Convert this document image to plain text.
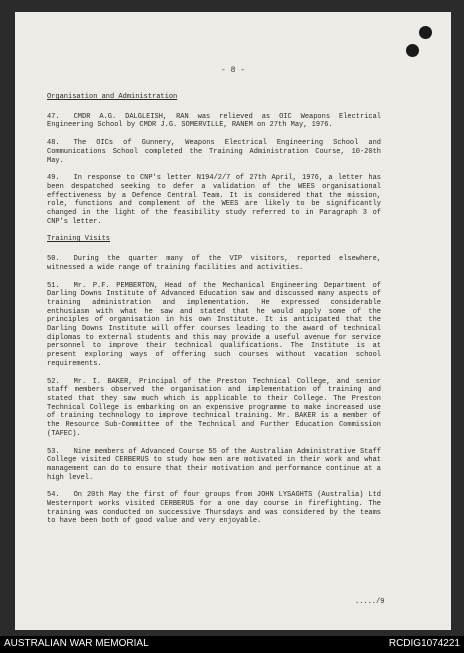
- 8 -
Organisation and Administration
47. CMDR A.G. DALGLEISH, RAN was relieved as OIC Weapons Electrical Engineering School by CMDR J.G. SOMERVILLE, RANEM on 27th May, 1976.
48. The OICs of Gunnery, Weapons Electrical Engineering School and Communications School completed the Training Administration Course, 10-20th May.
49. In response to CNP's letter N194/2/7 of 27th April, 1976, a letter has been despatched seeking to defer a validation of the WEES organisational effectiveness by a Defence Central Team. It is considered that the mission, role, functions and complement of the WEES are likely to be significantly changed in the light of the feasibility study referred to in Paragraph 3 of CNP's letter.
Training Visits
50. During the quarter many of the VIP visitors, reported elsewhere, witnessed a wide range of training facilities and activities.
51. Mr. P.F. PEMBERTON, Head of the Mechanical Engineering Department of Darling Downs Institute of Advanced Education saw and discussed many aspects of training administration and implementation. He expressed considerable enthusiasm with what he saw and stated that he would apply some of the principles of organisation in his own Institute. It is anticipated that the Darling Downs Institute will offer courses leading to the award of technical diplomas to external students and this may provide a useful avenue for service personnel to improve their technical qualifications. The Institute is at present exploring ways of offering such courses without vacation school requirements.
52. Mr. I. BAKER, Principal of the Preston Technical College, and senior staff members observed the organisation and implementation of training and stated that they saw much which is applicable to their College. The Preston Technical College is embarking on an expensive programme to make increased use of training technology to improve technical training. Mr. BAKER is a member of the Resource Sub-Committee of the Technical and Further Education Commission (TAFEC).
53. Nine members of Advanced Course 55 of the Australian Administrative Staff College visited CERBERUS to study how men are motivated in their work and what management can do to ensure that their motivation and performance continue at a high level.
54. On 20th May the first of four groups from JOHN LYSAGHTS (Australia) Ltd Westernport works visited CERBERUS for a one day course in firefighting. The training was conducted on successive Thursdays and was considered by the teams to have been both of good value and very enjoyable.
...../9
AUSTRALIAN WAR MEMORIAL	RCDIG1074221
